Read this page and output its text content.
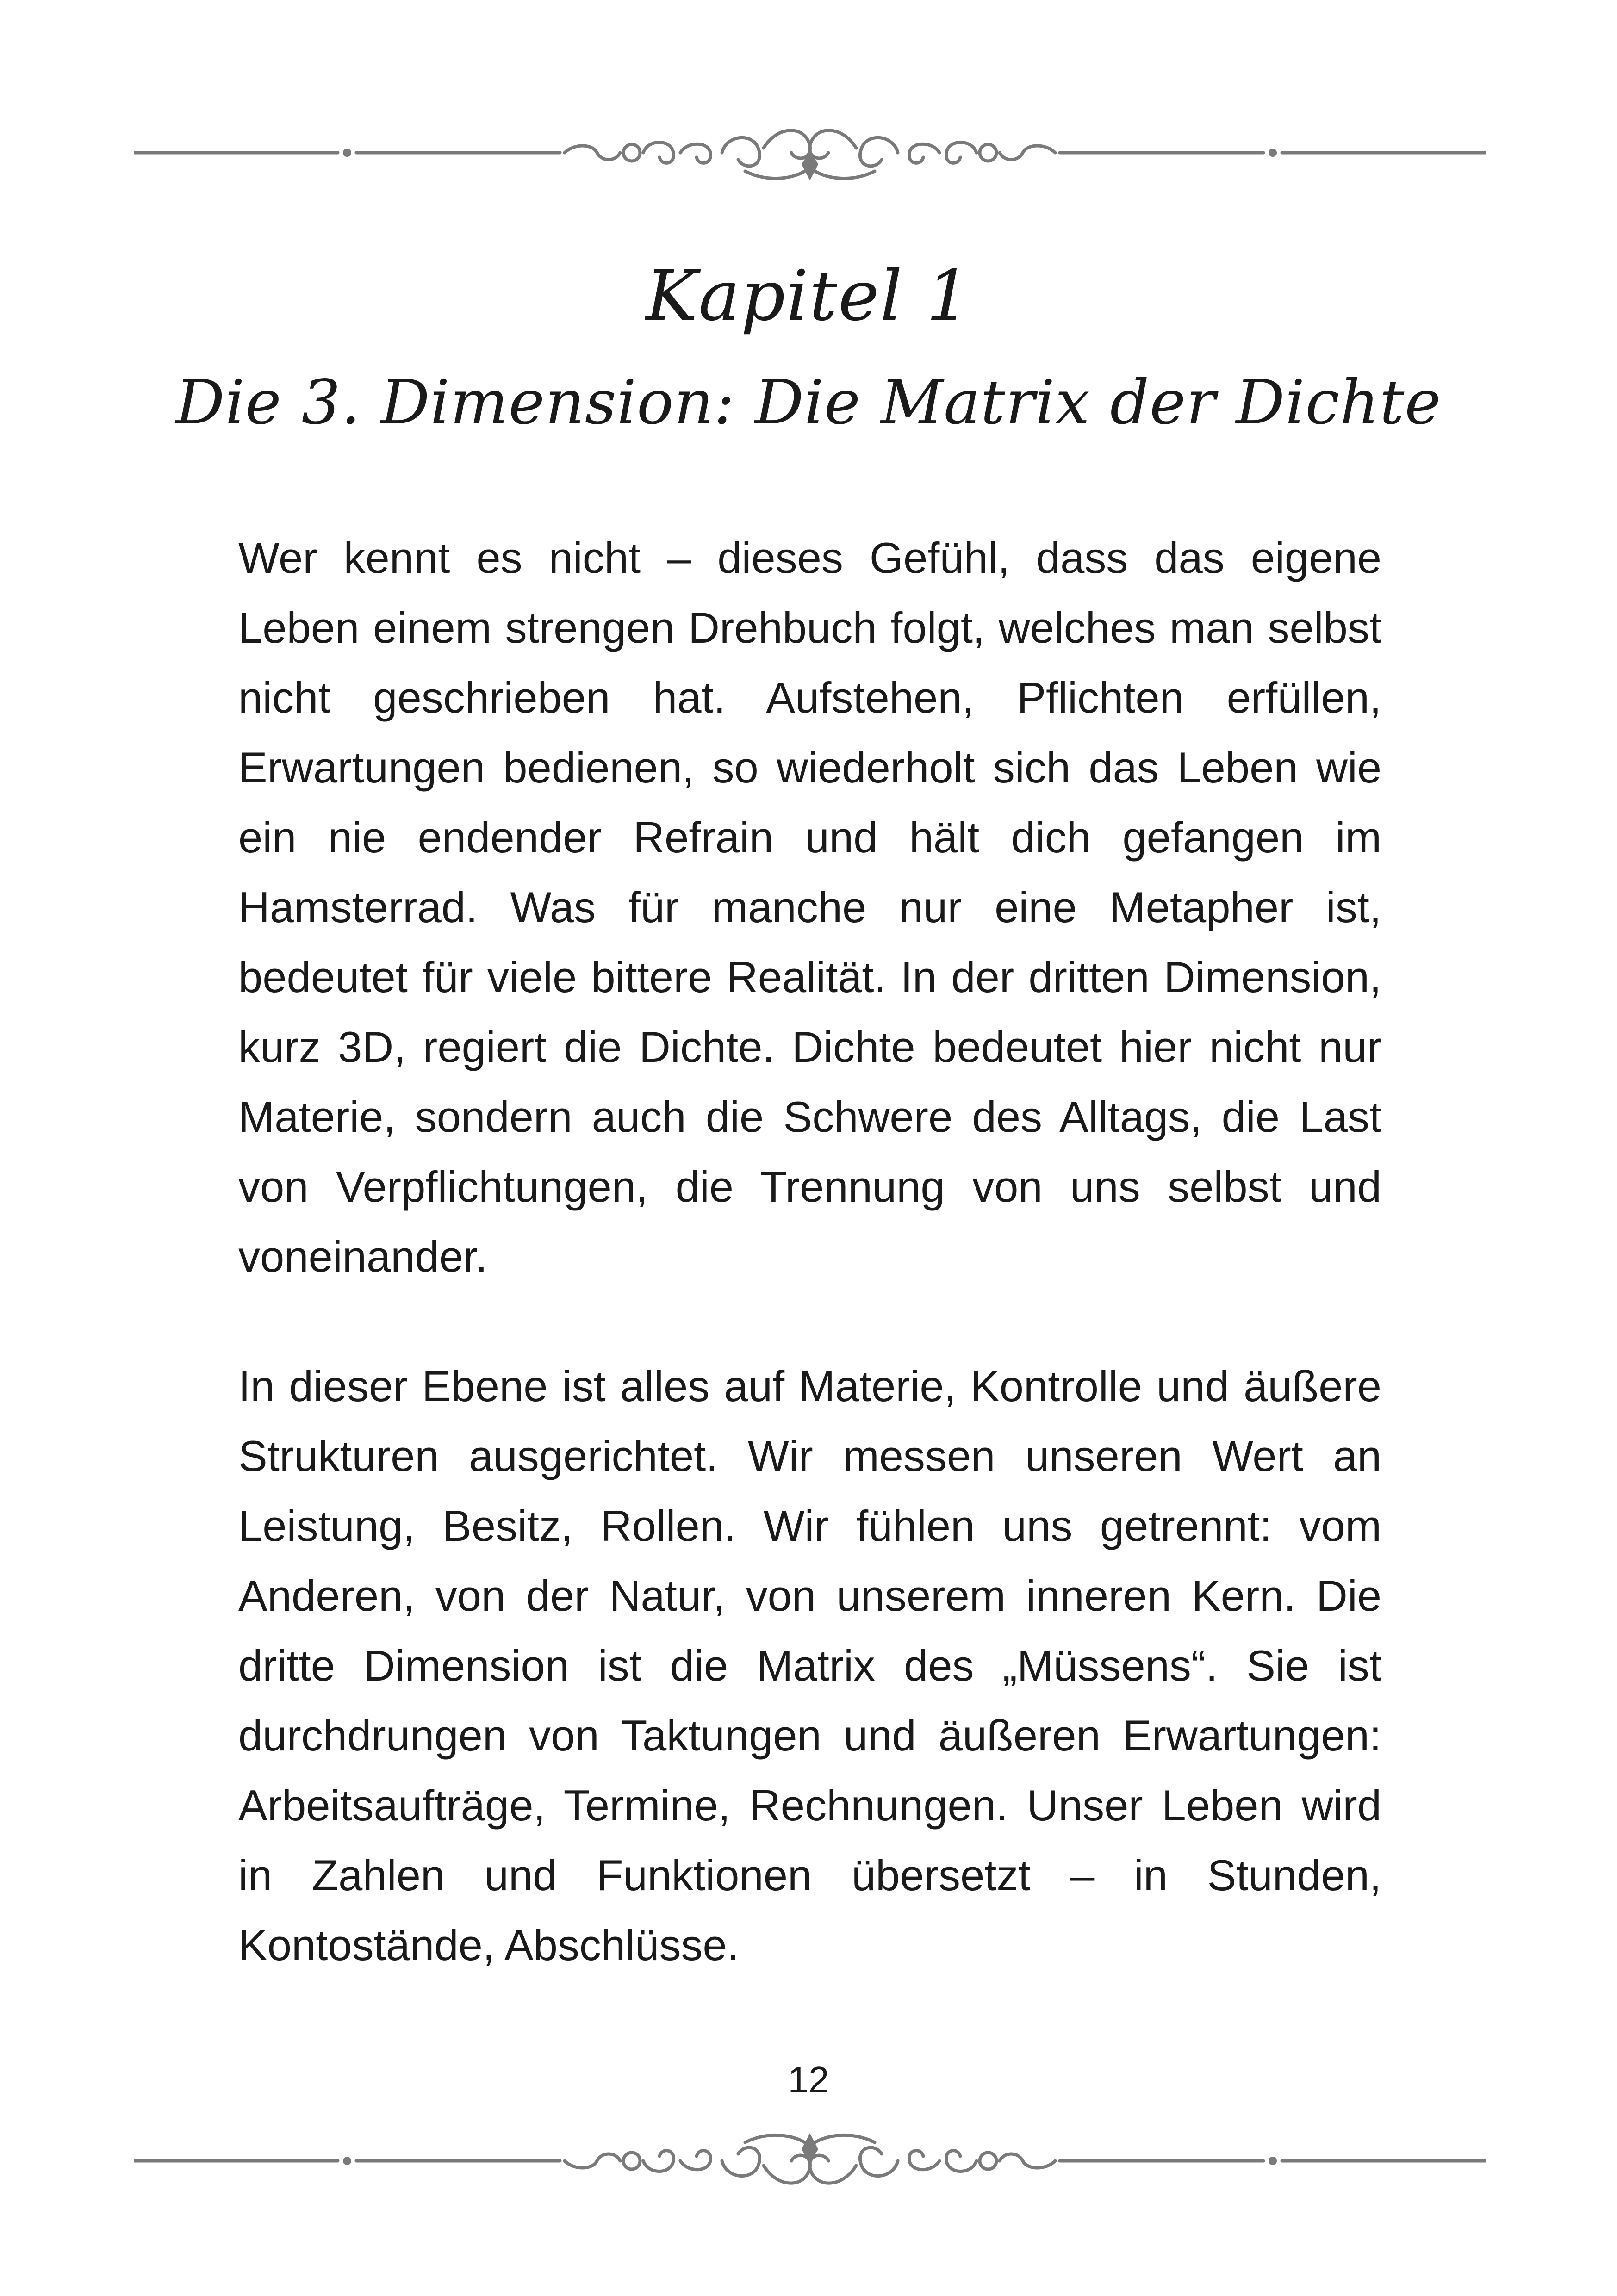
Kapitel 1
Die 3. Dimension: Die Matrix der Dichte

Wer kennt es nicht – dieses Gefühl, dass das eigene Leben einem strengen Drehbuch folgt, welches man selbst nicht geschrieben hat. Aufstehen, Pflichten erfüllen, Erwartungen bedienen, so wiederholt sich das Leben wie ein nie endender Refrain und hält dich gefangen im Hamsterrad. Was für manche nur eine Metapher ist, bedeutet für viele bittere Realität. In der dritten Dimension, kurz 3D, regiert die Dichte. Dichte bedeutet hier nicht nur Materie, sondern auch die Schwere des Alltags, die Last von Verpflichtungen, die Trennung von uns selbst und voneinander.

In dieser Ebene ist alles auf Materie, Kontrolle und äußere Strukturen ausgerichtet. Wir messen unseren Wert an Leistung, Besitz, Rollen. Wir fühlen uns getrennt: vom Anderen, von der Natur, von unserem inneren Kern. Die dritte Dimension ist die Matrix des „Müssens“. Sie ist durchdrungen von Taktungen und äußeren Erwartungen: Arbeitsaufträge, Termine, Rechnungen. Unser Leben wird in Zahlen und Funktionen übersetzt – in Stunden, Kontostände, Abschlüsse.

12
